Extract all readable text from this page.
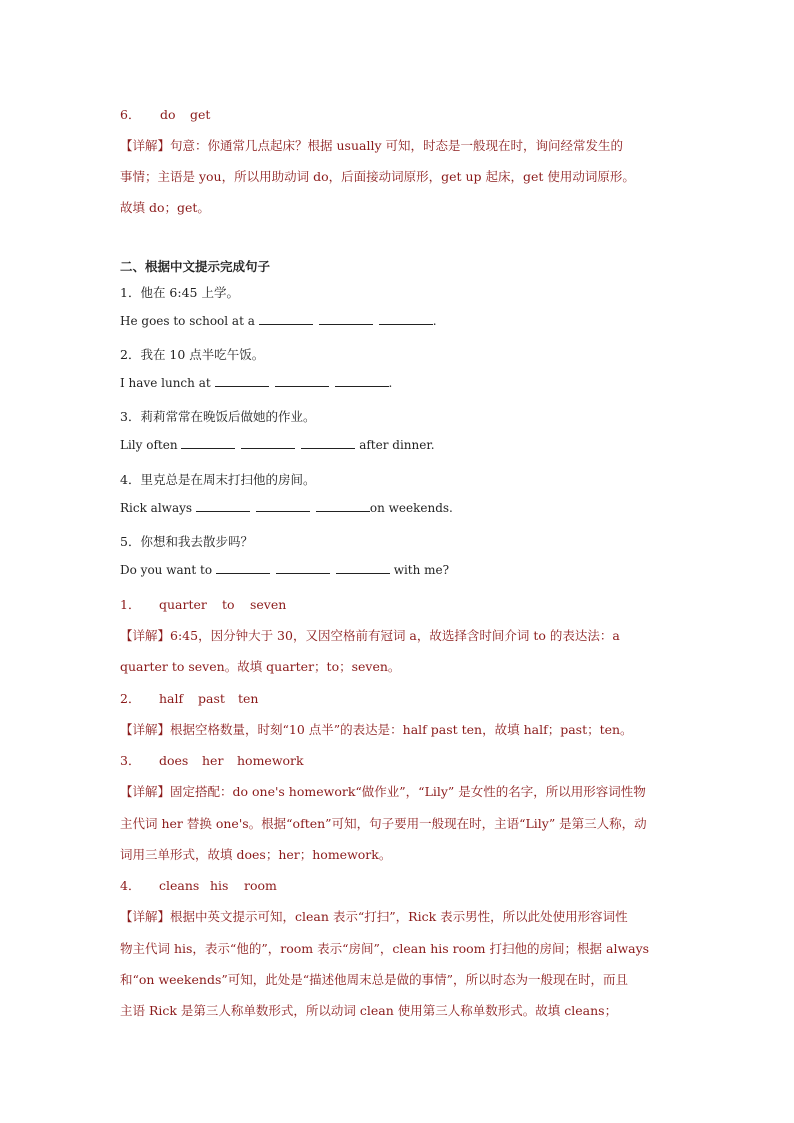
6． do get
【详解】句意：你通常几点起床？根据 usually 可知，时态是一般现在时，询问经常发生的
事情；主语是 you，所以用助动词 do，后面接动词原形，get up 起床，get 使用动词原形。
故填 do；get。
二、根据中文提示完成句子
1．他在 6:45 上学。
He goes to school at a	.
2．我在 10 点半吃午饭。
I have lunch at	.
3．莉莉常常在晚饭后做她的作业。
Lily often	after dinner.
4．里克总是在周末打扫他的房间。
Rick always	on weekends.
5．你想和我去散步吗？
Do you want to	with me?
1． quarter to seven
【详解】6:45，因分钟大于 30，又因空格前有冠词 a，故选择含时间介词 to 的表达法：a
quarter to seven。故填 quarter；to；seven。
2． half past ten
【详解】根据空格数量，时刻“10 点半”的表达是：half past ten，故填 half；past；ten。
3． does her homework
【详解】固定搭配：do one's homework“做作业”，“Lily” 是女性的名字，所以用形容词性物
主代词 her 替换 one's。根据“often”可知，句子要用一般现在时，主语“Lily” 是第三人称，动
词用三单形式，故填 does；her；homework。
4． cleans his room
【详解】根据中英文提示可知，clean 表示“打扫”，Rick 表示男性，所以此处使用形容词性
物主代词 his，表示“他的”，room 表示“房间”，clean his room 打扫他的房间；根据 always
和“on weekends”可知，此处是“描述他周末总是做的事情”，所以时态为一般现在时，而且
主语 Rick 是第三人称单数形式，所以动词 clean 使用第三人称单数形式。故填 cleans；
